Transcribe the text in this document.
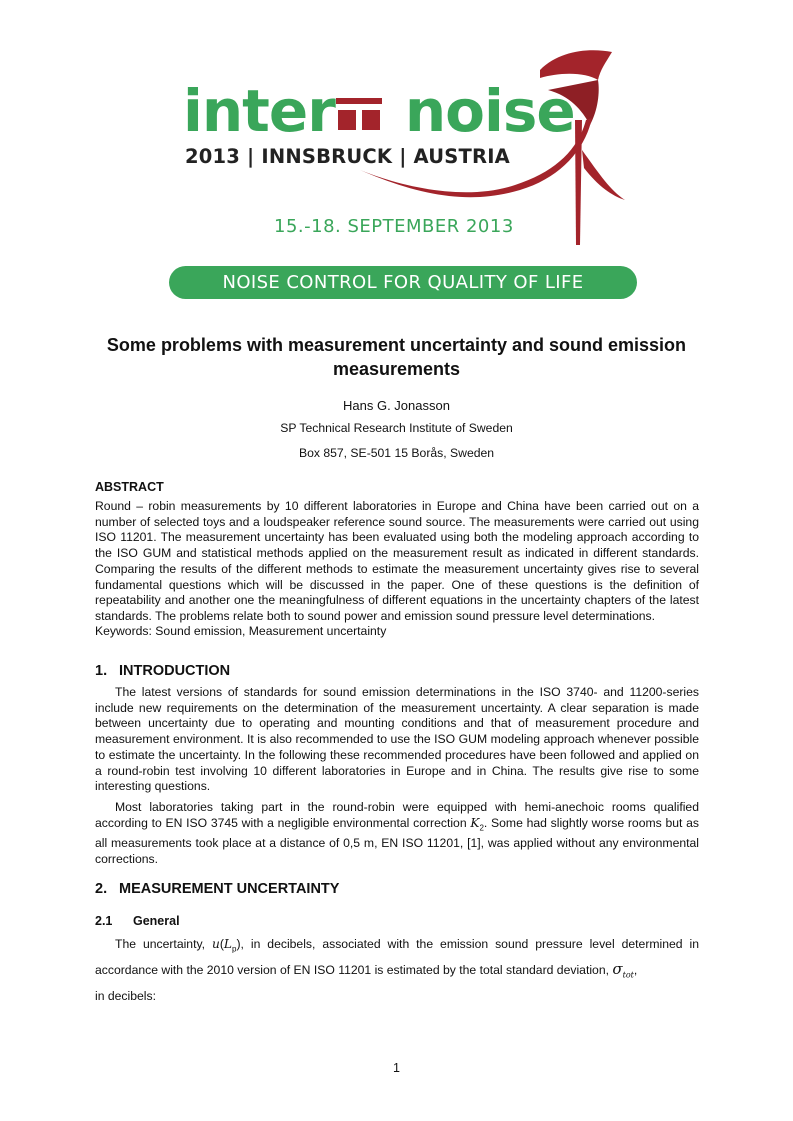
inter noise
2013 | INNSBRUCK | AUSTRIA
15.-18. SEPTEMBER 2013
NOISE CONTROL FOR QUALITY OF LIFE
Some problems with measurement uncertainty and sound emission measurements
Hans G. Jonasson
SP Technical Research Institute of Sweden
Box 857, SE-501 15 Borås, Sweden
ABSTRACT

Round – robin measurements by 10 different laboratories in Europe and China have been carried out on a number of selected toys and a loudspeaker reference sound source. The measurements were carried out using ISO 11201. The measurement uncertainty has been evaluated using both the modeling approach according to the ISO GUM and statistical methods applied on the measurement result as indicated in different standards. Comparing the results of the different methods to estimate the measurement uncertainty gives rise to several fundamental questions which will be discussed in the paper. One of these questions is the definition of repeatability and another one the meaningfulness of different equations in the uncertainty chapters of the latest standards. The problems relate both to sound power and emission sound pressure level determinations.

Keywords: Sound emission, Measurement uncertainty

1. INTRODUCTION

The latest versions of standards for sound emission determinations in the ISO 3740- and 11200-series include new requirements on the determination of the measurement uncertainty. A clear separation is made between uncertainty due to operating and mounting conditions and that of measurement procedure and measurement environment. It is also recommended to use the ISO GUM modeling approach whenever possible to estimate the uncertainty. In the following these recommended procedures have been followed and applied on a round-robin test involving 10 different laboratories in Europe and in China. The results give rise to some interesting questions.

Most laboratories taking part in the round-robin were equipped with hemi-anechoic rooms qualified according to EN ISO 3745 with a negligible environmental correction $K_2$. Some had slightly worse rooms but as all measurements took place at a distance of 0,5 m, EN ISO 11201, [1], was applied without any environmental corrections.

2. MEASUREMENT UNCERTAINTY
2.1 General

The uncertainty, $u(L_p)$, in decibels, associated with the emission sound pressure level determined in accordance with the 2010 version of EN ISO 11201 is estimated by the total standard deviation, $\sigma_{tot}$,
in decibels:

1
